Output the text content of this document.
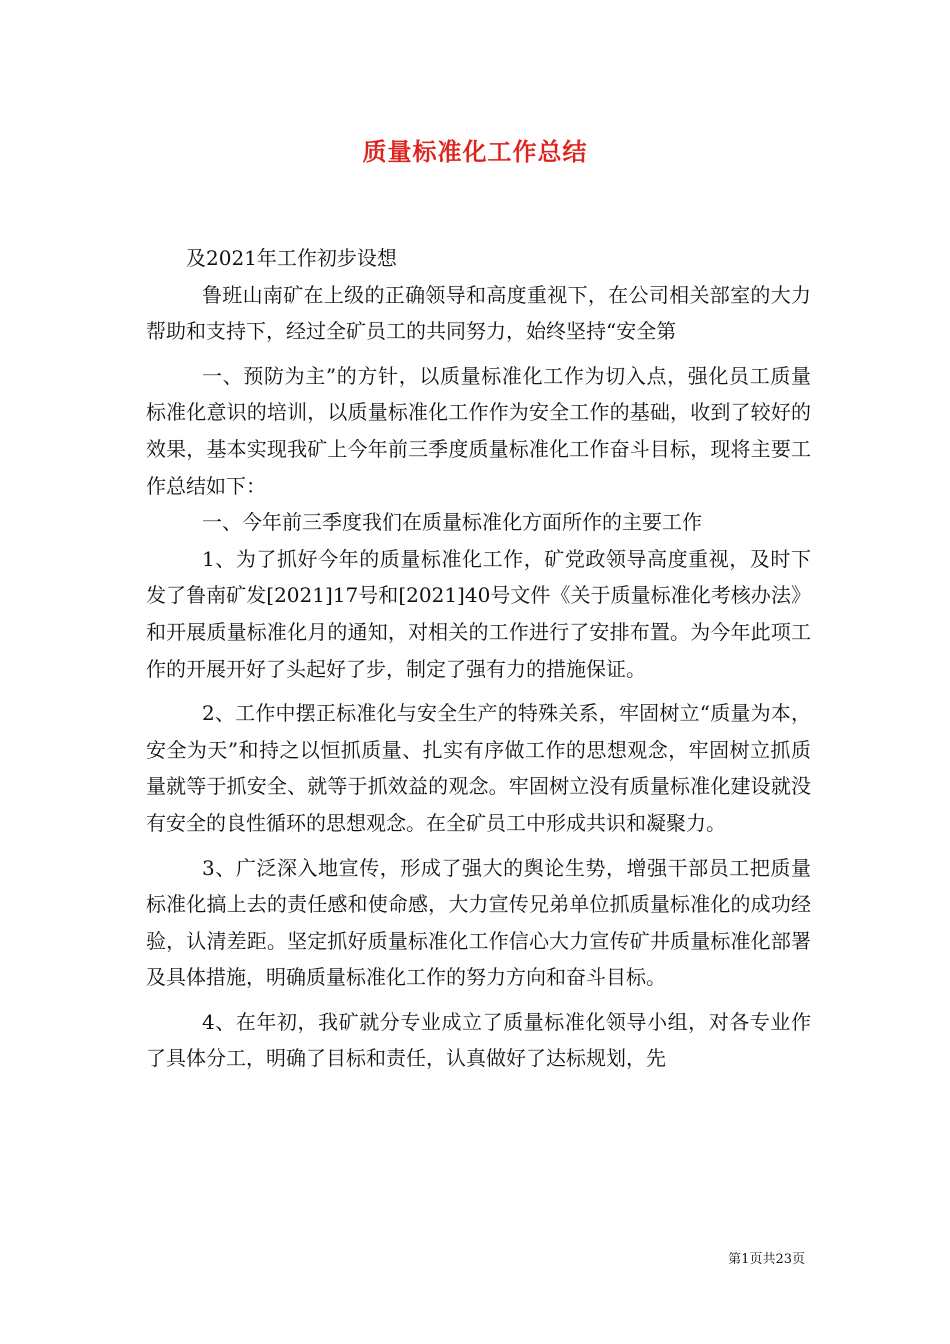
质量标准化工作总结

及2021年工作初步设想

鲁班山南矿在上级的正确领导和高度重视下，在公司相关部室的大力帮助和支持下，经过全矿员工的共同努力，始终坚持“安全第

一、预防为主”的方针，以质量标准化工作为切入点，强化员工质量标准化意识的培训，以质量标准化工作作为安全工作的基础，收到了较好的效果，基本实现我矿上今年前三季度质量标准化工作奋斗目标，现将主要工作总结如下：

一、今年前三季度我们在质量标准化方面所作的主要工作

1、为了抓好今年的质量标准化工作，矿党政领导高度重视，及时下发了鲁南矿发[2021]17号和[2021]40号文件《关于质量标准化考核办法》和开展质量标准化月的通知，对相关的工作进行了安排布置。为今年此项工作的开展开好了头起好了步，制定了强有力的措施保证。

2、工作中摆正标准化与安全生产的特殊关系，牢固树立“质量为本，安全为天”和持之以恒抓质量、扎实有序做工作的思想观念，牢固树立抓质量就等于抓安全、就等于抓效益的观念。牢固树立没有质量标准化建设就没有安全的良性循环的思想观念。在全矿员工中形成共识和凝聚力。

3、广泛深入地宣传，形成了强大的舆论生势，增强干部员工把质量标准化搞上去的责任感和使命感，大力宣传兄弟单位抓质量标准化的成功经验，认清差距。坚定抓好质量标准化工作信心大力宣传矿井质量标准化部署及具体措施，明确质量标准化工作的努力方向和奋斗目标。

4、在年初，我矿就分专业成立了质量标准化领导小组，对各专业作了具体分工，明确了目标和责任，认真做好了达标规划，先

第1页共23页
